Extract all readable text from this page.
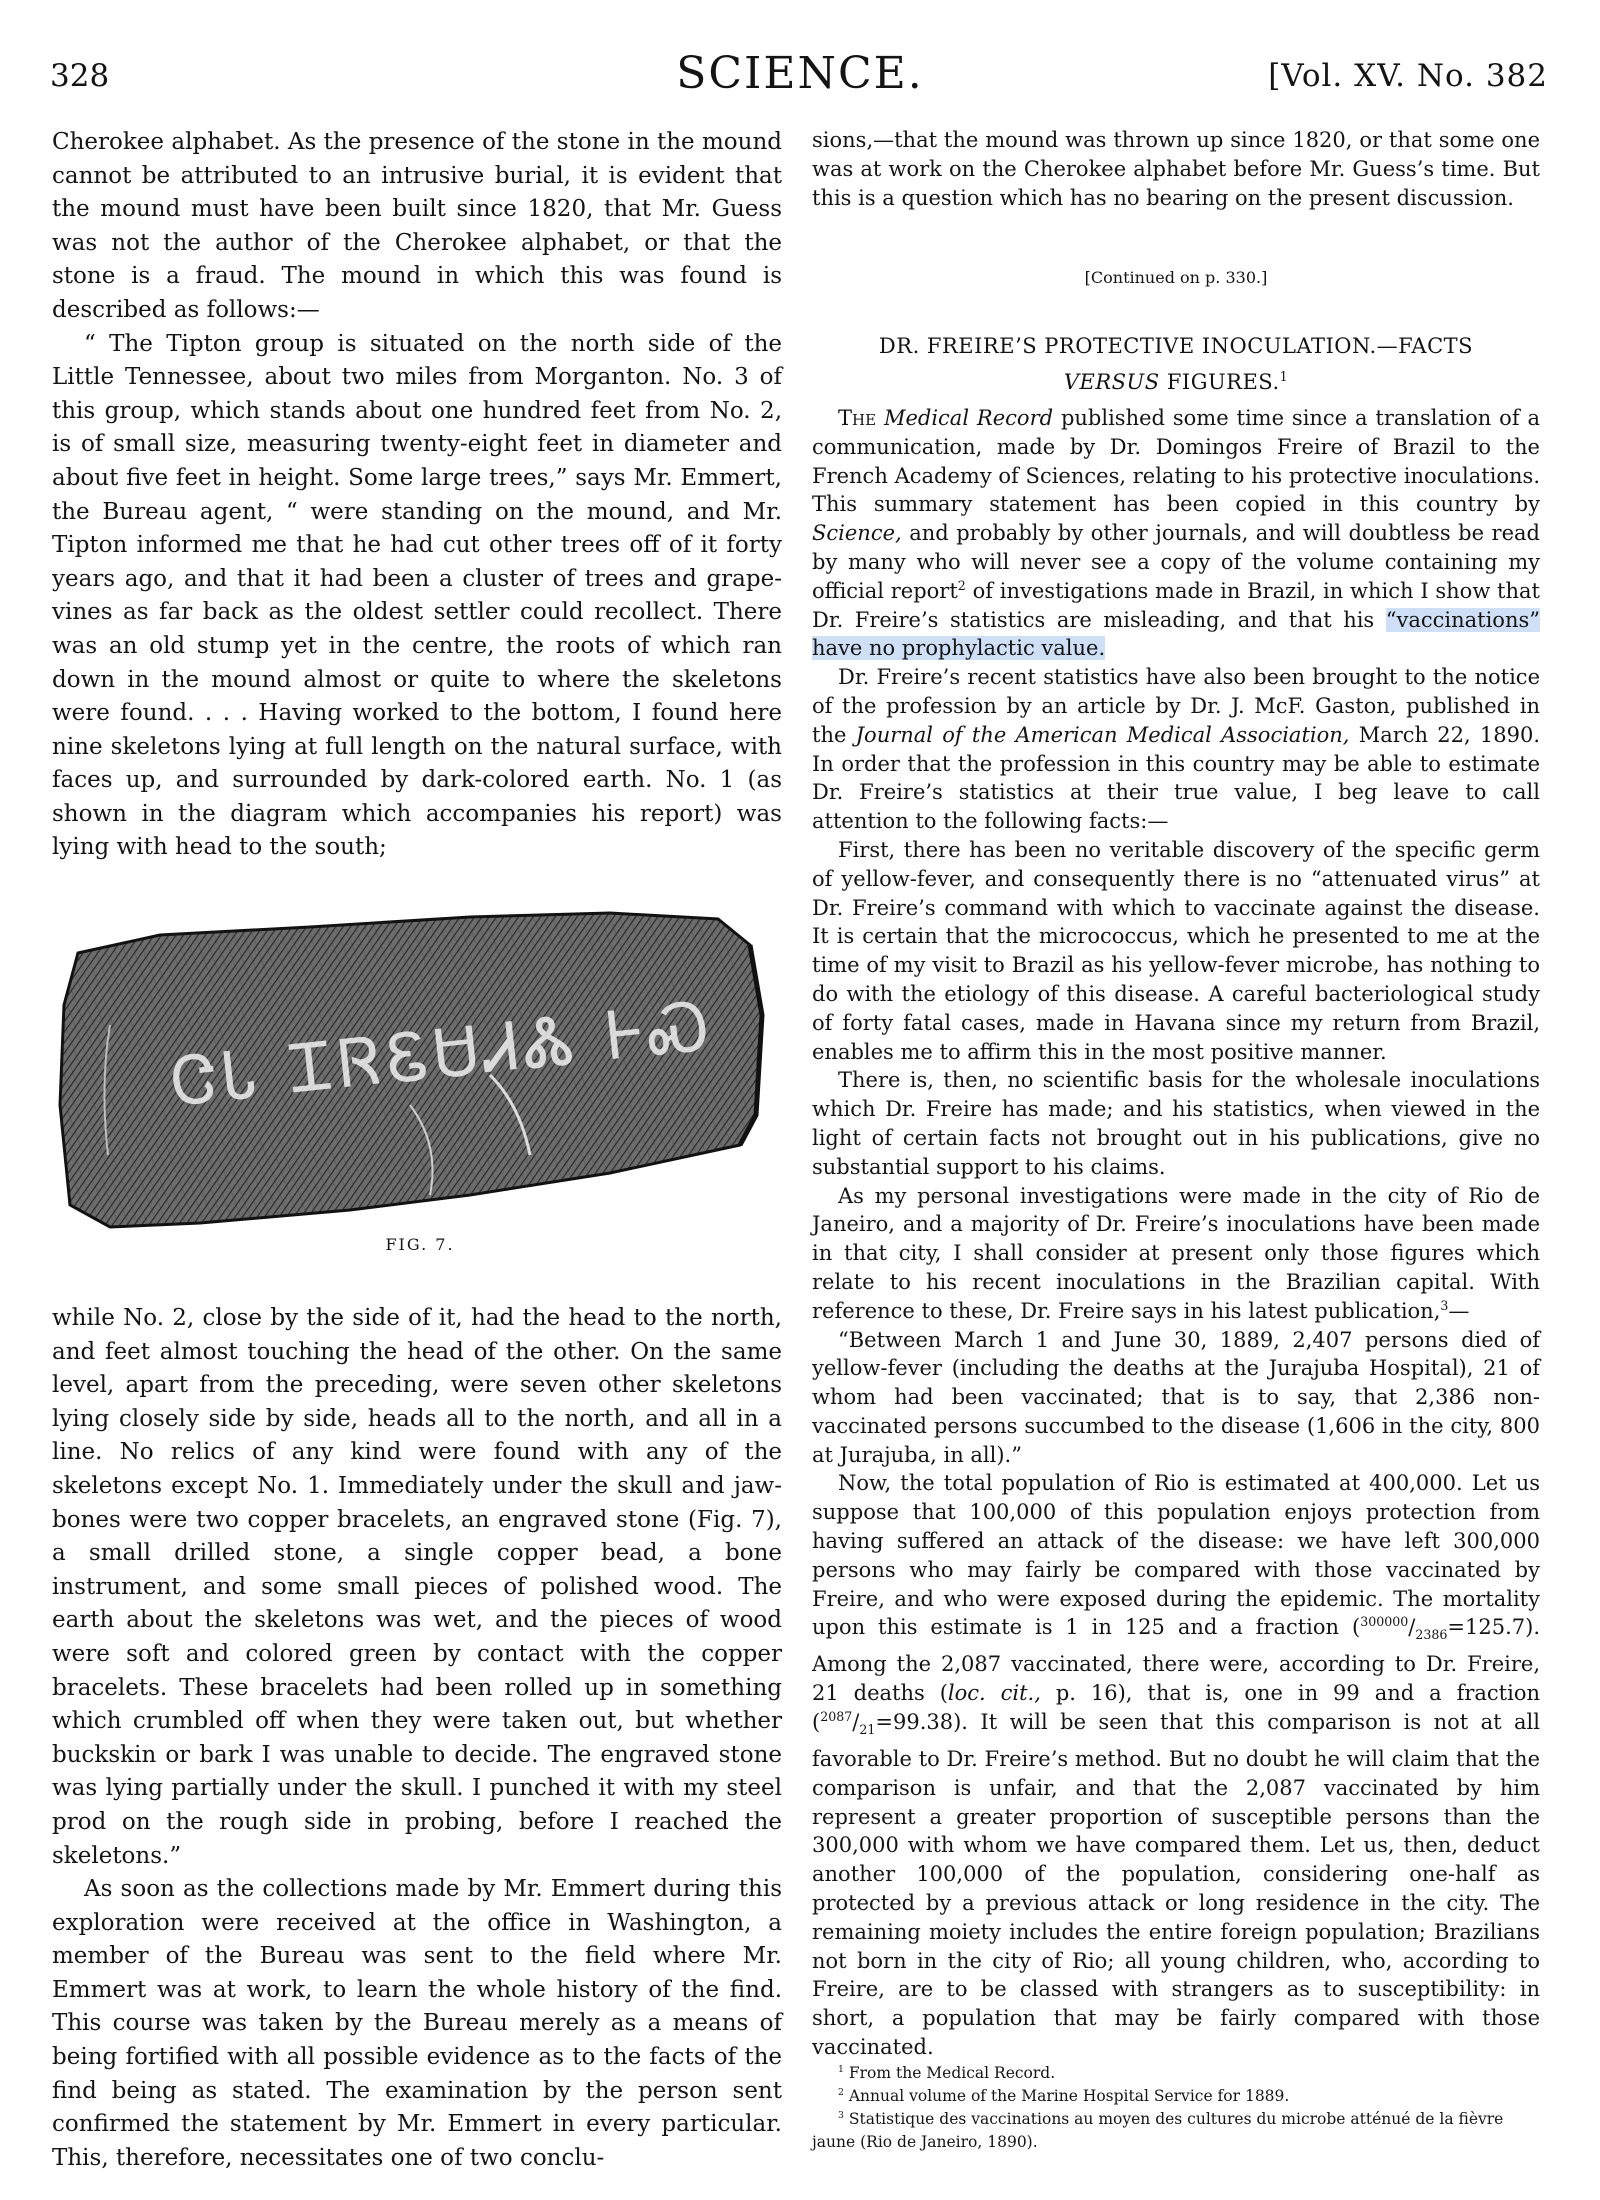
328	SCIENCE.	[Vol. XV. No. 382

Cherokee alphabet. As the presence of the stone in the mound cannot be attributed to an intrusive burial, it is evident that the mound must have been built since 1820, that Mr. Guess was not the author of the Cherokee alphabet, or that the stone is a fraud. The mound in which this was found is described as follows:—

“ The Tipton group is situated on the north side of the Little Tennessee, about two miles from Morganton. No. 3 of this group, which stands about one hundred feet from No. 2, is of small size, measuring twenty-eight feet in diameter and about five feet in height. Some large trees,” says Mr. Emmert, the Bureau agent, “ were standing on the mound, and Mr. Tipton informed me that he had cut other trees off of it forty years ago, and that it had been a cluster of trees and grape-vines as far back as the oldest settler could recollect. There was an old stump yet in the centre, the roots of which ran down in the mound almost or quite to where the skeletons were found. . . . Having worked to the bottom, I found here nine skeletons lying at full length on the natural surface, with faces up, and surrounded by dark-colored earth. No. 1 (as shown in the diagram which accompanies his report) was lying with head to the south;

ᏣᏓ ᏆᏒᏋᏌᏗᏜ ᎰᏍ
FIG. 7.

while No. 2, close by the side of it, had the head to the north, and feet almost touching the head of the other. On the same level, apart from the preceding, were seven other skeletons lying closely side by side, heads all to the north, and all in a line. No relics of any kind were found with any of the skeletons except No. 1. Immediately under the skull and jaw-bones were two copper bracelets, an engraved stone (Fig. 7), a small drilled stone, a single copper bead, a bone instrument, and some small pieces of polished wood. The earth about the skeletons was wet, and the pieces of wood were soft and colored green by contact with the copper bracelets. These bracelets had been rolled up in something which crumbled off when they were taken out, but whether buckskin or bark I was unable to decide. The engraved stone was lying partially under the skull. I punched it with my steel prod on the rough side in probing, before I reached the skeletons.”

As soon as the collections made by Mr. Emmert during this exploration were received at the office in Washington, a member of the Bureau was sent to the field where Mr. Emmert was at work, to learn the whole history of the find. This course was taken by the Bureau merely as a means of being fortified with all possible evidence as to the facts of the find being as stated. The examination by the person sent confirmed the statement by Mr. Emmert in every particular. This, therefore, necessitates one of two conclu-

sions,—that the mound was thrown up since 1820, or that some one was at work on the Cherokee alphabet before Mr. Guess’s time. But this is a question which has no bearing on the present discussion.

[Continued on p. 330.]
DR. FREIRE’S PROTECTIVE INOCULATION.—FACTS
VERSUS FIGURES.$^1$

The Medical Record published some time since a translation of a communication, made by Dr. Domingos Freire of Brazil to the French Academy of Sciences, relating to his protective inoculations. This summary statement has been copied in this country by Science, and probably by other journals, and will doubtless be read by many who will never see a copy of the volume containing my official report$^2$ of investigations made in Brazil, in which I show that Dr. Freire’s statistics are misleading, and that his “vaccinations” have no prophylactic value.

Dr. Freire’s recent statistics have also been brought to the notice of the profession by an article by Dr. J. McF. Gaston, published in the Journal of the American Medical Association, March 22, 1890. In order that the profession in this country may be able to estimate Dr. Freire’s statistics at their true value, I beg leave to call attention to the following facts:—

First, there has been no veritable discovery of the specific germ of yellow-fever, and consequently there is no “attenuated virus” at Dr. Freire’s command with which to vaccinate against the disease. It is certain that the micrococcus, which he presented to me at the time of my visit to Brazil as his yellow-fever microbe, has nothing to do with the etiology of this disease. A careful bacteriological study of forty fatal cases, made in Havana since my return from Brazil, enables me to affirm this in the most positive manner.

There is, then, no scientific basis for the wholesale inoculations which Dr. Freire has made; and his statistics, when viewed in the light of certain facts not brought out in his publications, give no substantial support to his claims.

As my personal investigations were made in the city of Rio de Janeiro, and a majority of Dr. Freire’s inoculations have been made in that city, I shall consider at present only those figures which relate to his recent inoculations in the Brazilian capital. With reference to these, Dr. Freire says in his latest publication,$^3$—

“Between March 1 and June 30, 1889, 2,407 persons died of yellow-fever (including the deaths at the Jurajuba Hospital), 21 of whom had been vaccinated; that is to say, that 2,386 non-vaccinated persons succumbed to the disease (1,606 in the city, 800 at Jurajuba, in all).”

Now, the total population of Rio is estimated at 400,000. Let us suppose that 100,000 of this population enjoys protection from having suffered an attack of the disease: we have left 300,000 persons who may fairly be compared with those vaccinated by Freire, and who were exposed during the epidemic. The mortality upon this estimate is 1 in 125 and a fraction $(^{300000}/_{2386}=125.7)$. Among the 2,087 vaccinated, there were, according to Dr. Freire, 21 deaths (loc. cit., p. 16), that is, one in 99 and a fraction $(^{2087}/_{21}=99.38)$. It will be seen that this comparison is not at all favorable to Dr. Freire’s method. But no doubt he will claim that the comparison is unfair, and that the 2,087 vaccinated by him represent a greater proportion of susceptible persons than the 300,000 with whom we have compared them. Let us, then, deduct another 100,000 of the population, considering one-half as protected by a previous attack or long residence in the city. The remaining moiety includes the entire foreign population; Brazilians not born in the city of Rio; all young children, who, according to Freire, are to be classed with strangers as to susceptibility: in short, a population that may be fairly compared with those vaccinated.

$^1$ From the Medical Record.

$^2$ Annual volume of the Marine Hospital Service for 1889.

$^3$ Statistique des vaccinations au moyen des cultures du microbe atténué de la fièvre jaune (Rio de Janeiro, 1890).
